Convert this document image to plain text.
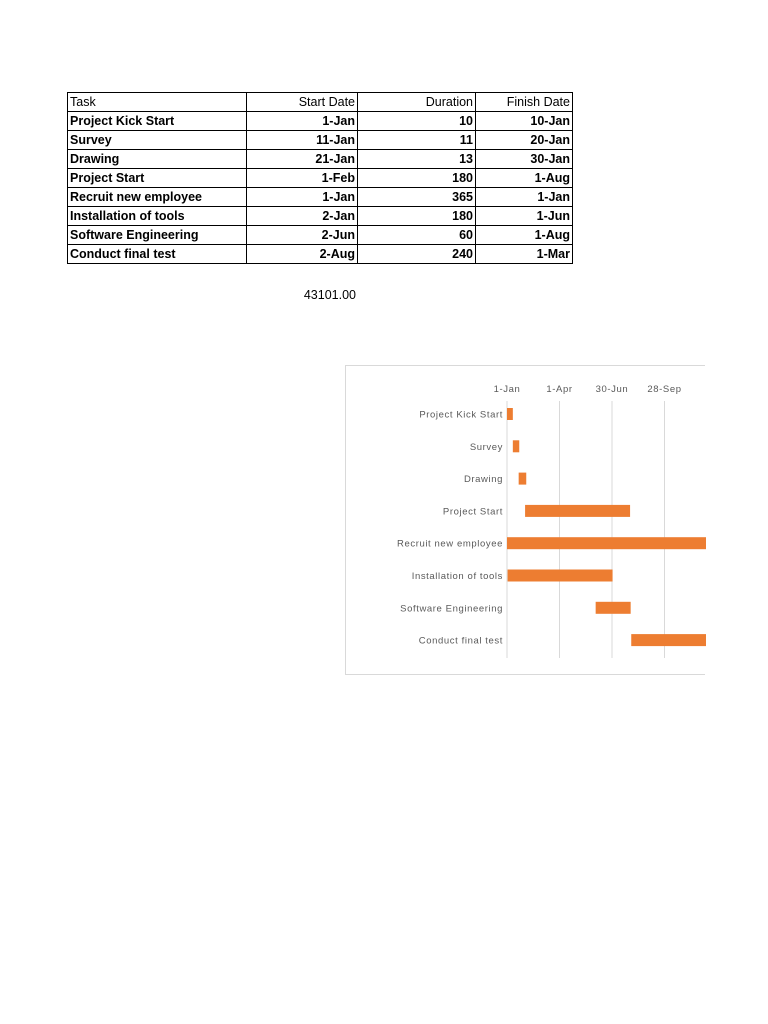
Task	Start Date	Duration	Finish Date
Project Kick Start	1-Jan	10	10-Jan
Survey	11-Jan	11	20-Jan
Drawing	21-Jan	13	30-Jan
Project Start	1-Feb	180	1-Aug
Recruit new employee	1-Jan	365	1-Jan
Installation of tools	2-Jan	180	1-Jun
Software Engineering	2-Jun	60	1-Aug
Conduct final test	2-Aug	240	1-Mar
43101.00
1-Jan	1-Apr 30-Jun 28-Sep
Project Kick Start
Survey
Drawing
Project Start
Recruit new employee
Installation of tools
Software Engineering
Conduct final test
